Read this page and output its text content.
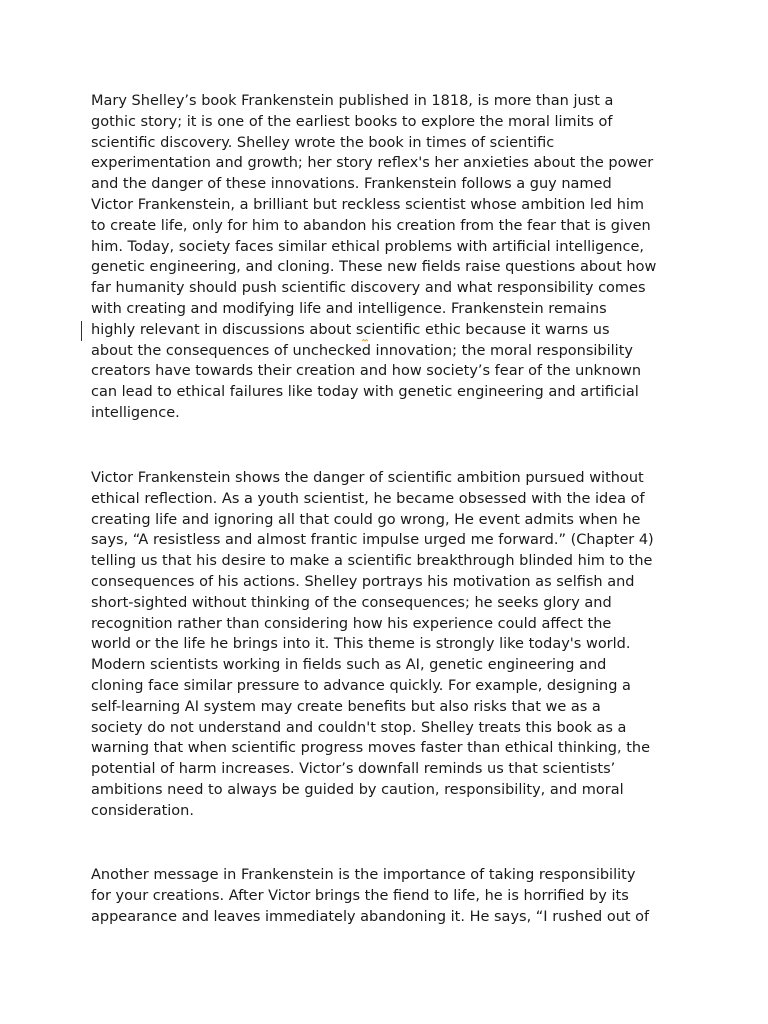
Mary Shelley’s book Frankenstein published in 1818, is more than just a
gothic story; it is one of the earliest books to explore the moral limits of
scientific discovery. Shelley wrote the book in times of scientific
experimentation and growth; her story reflex's her anxieties about the power
and the danger of these innovations. Frankenstein follows a guy named
Victor Frankenstein, a brilliant but reckless scientist whose ambition led him
to create life, only for him to abandon his creation from the fear that is given
him. Today, society faces similar ethical problems with artificial intelligence,
genetic engineering, and cloning. These new fields raise questions about how
far humanity should push scientific discovery and what responsibility comes
with creating and modifying life and intelligence. Frankenstein remains
highly relevant in discussions about scientific ethic because it warns us
about the consequences of unchecked innovation; the moral responsibility
creators have towards their creation and how society’s fear of the unknown
can lead to ethical failures like today with genetic engineering and artificial
intelligence.

Victor Frankenstein shows the danger of scientific ambition pursued without
ethical reflection. As a youth scientist, he became obsessed with the idea of
creating life and ignoring all that could go wrong, He event admits when he
says, “A resistless and almost frantic impulse urged me forward.” (Chapter 4)
telling us that his desire to make a scientific breakthrough blinded him to the
consequences of his actions. Shelley portrays his motivation as selfish and
short-sighted without thinking of the consequences; he seeks glory and
recognition rather than considering how his experience could affect the
world or the life he brings into it. This theme is strongly like today's world.
Modern scientists working in fields such as AI, genetic engineering and
cloning face similar pressure to advance quickly. For example, designing a
self-learning AI system may create benefits but also risks that we as a
society do not understand and couldn't stop. Shelley treats this book as a
warning that when scientific progress moves faster than ethical thinking, the
potential of harm increases. Victor’s downfall reminds us that scientists’
ambitions need to always be guided by caution, responsibility, and moral
consideration.

Another message in Frankenstein is the importance of taking responsibility
for your creations. After Victor brings the fiend to life, he is horrified by its
appearance and leaves immediately abandoning it. He says, “I rushed out of
